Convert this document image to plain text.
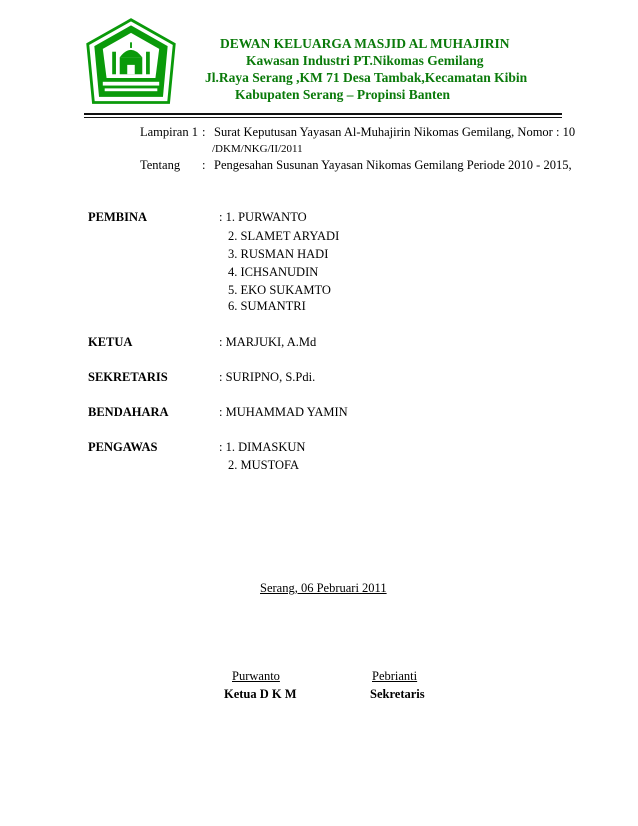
DEWAN KELUARGA MASJID AL MUHAJIRIN
Kawasan Industri PT.Nikomas Gemilang
Jl.Raya Serang ,KM 71 Desa Tambak,Kecamatan Kibin
Kabupaten Serang – Propinsi Banten
Lampiran 1 : Surat Keputusan Yayasan Al-Muhajirin Nikomas Gemilang, Nomor : 10
/DKM/NKG/II/2011
Tentang : Pengesahan Susunan Yayasan Nikomas Gemilang Periode 2010 - 2015,
PEMBINA	: 1. PURWANTO
2. SLAMET ARYADI
3. RUSMAN HADI
4. ICHSANUDIN
5. EKO SUKAMTO
6. SUMANTRI
KETUA	: MARJUKI, A.Md
SEKRETARIS	: SURIPNO, S.Pdi.
BENDAHARA	: MUHAMMAD YAMIN
PENGAWAS	: 1. DIMASKUN
2. MUSTOFA
Serang, 06 Pebruari 2011
Purwanto
Ketua D K M
Pebrianti
Sekretaris
